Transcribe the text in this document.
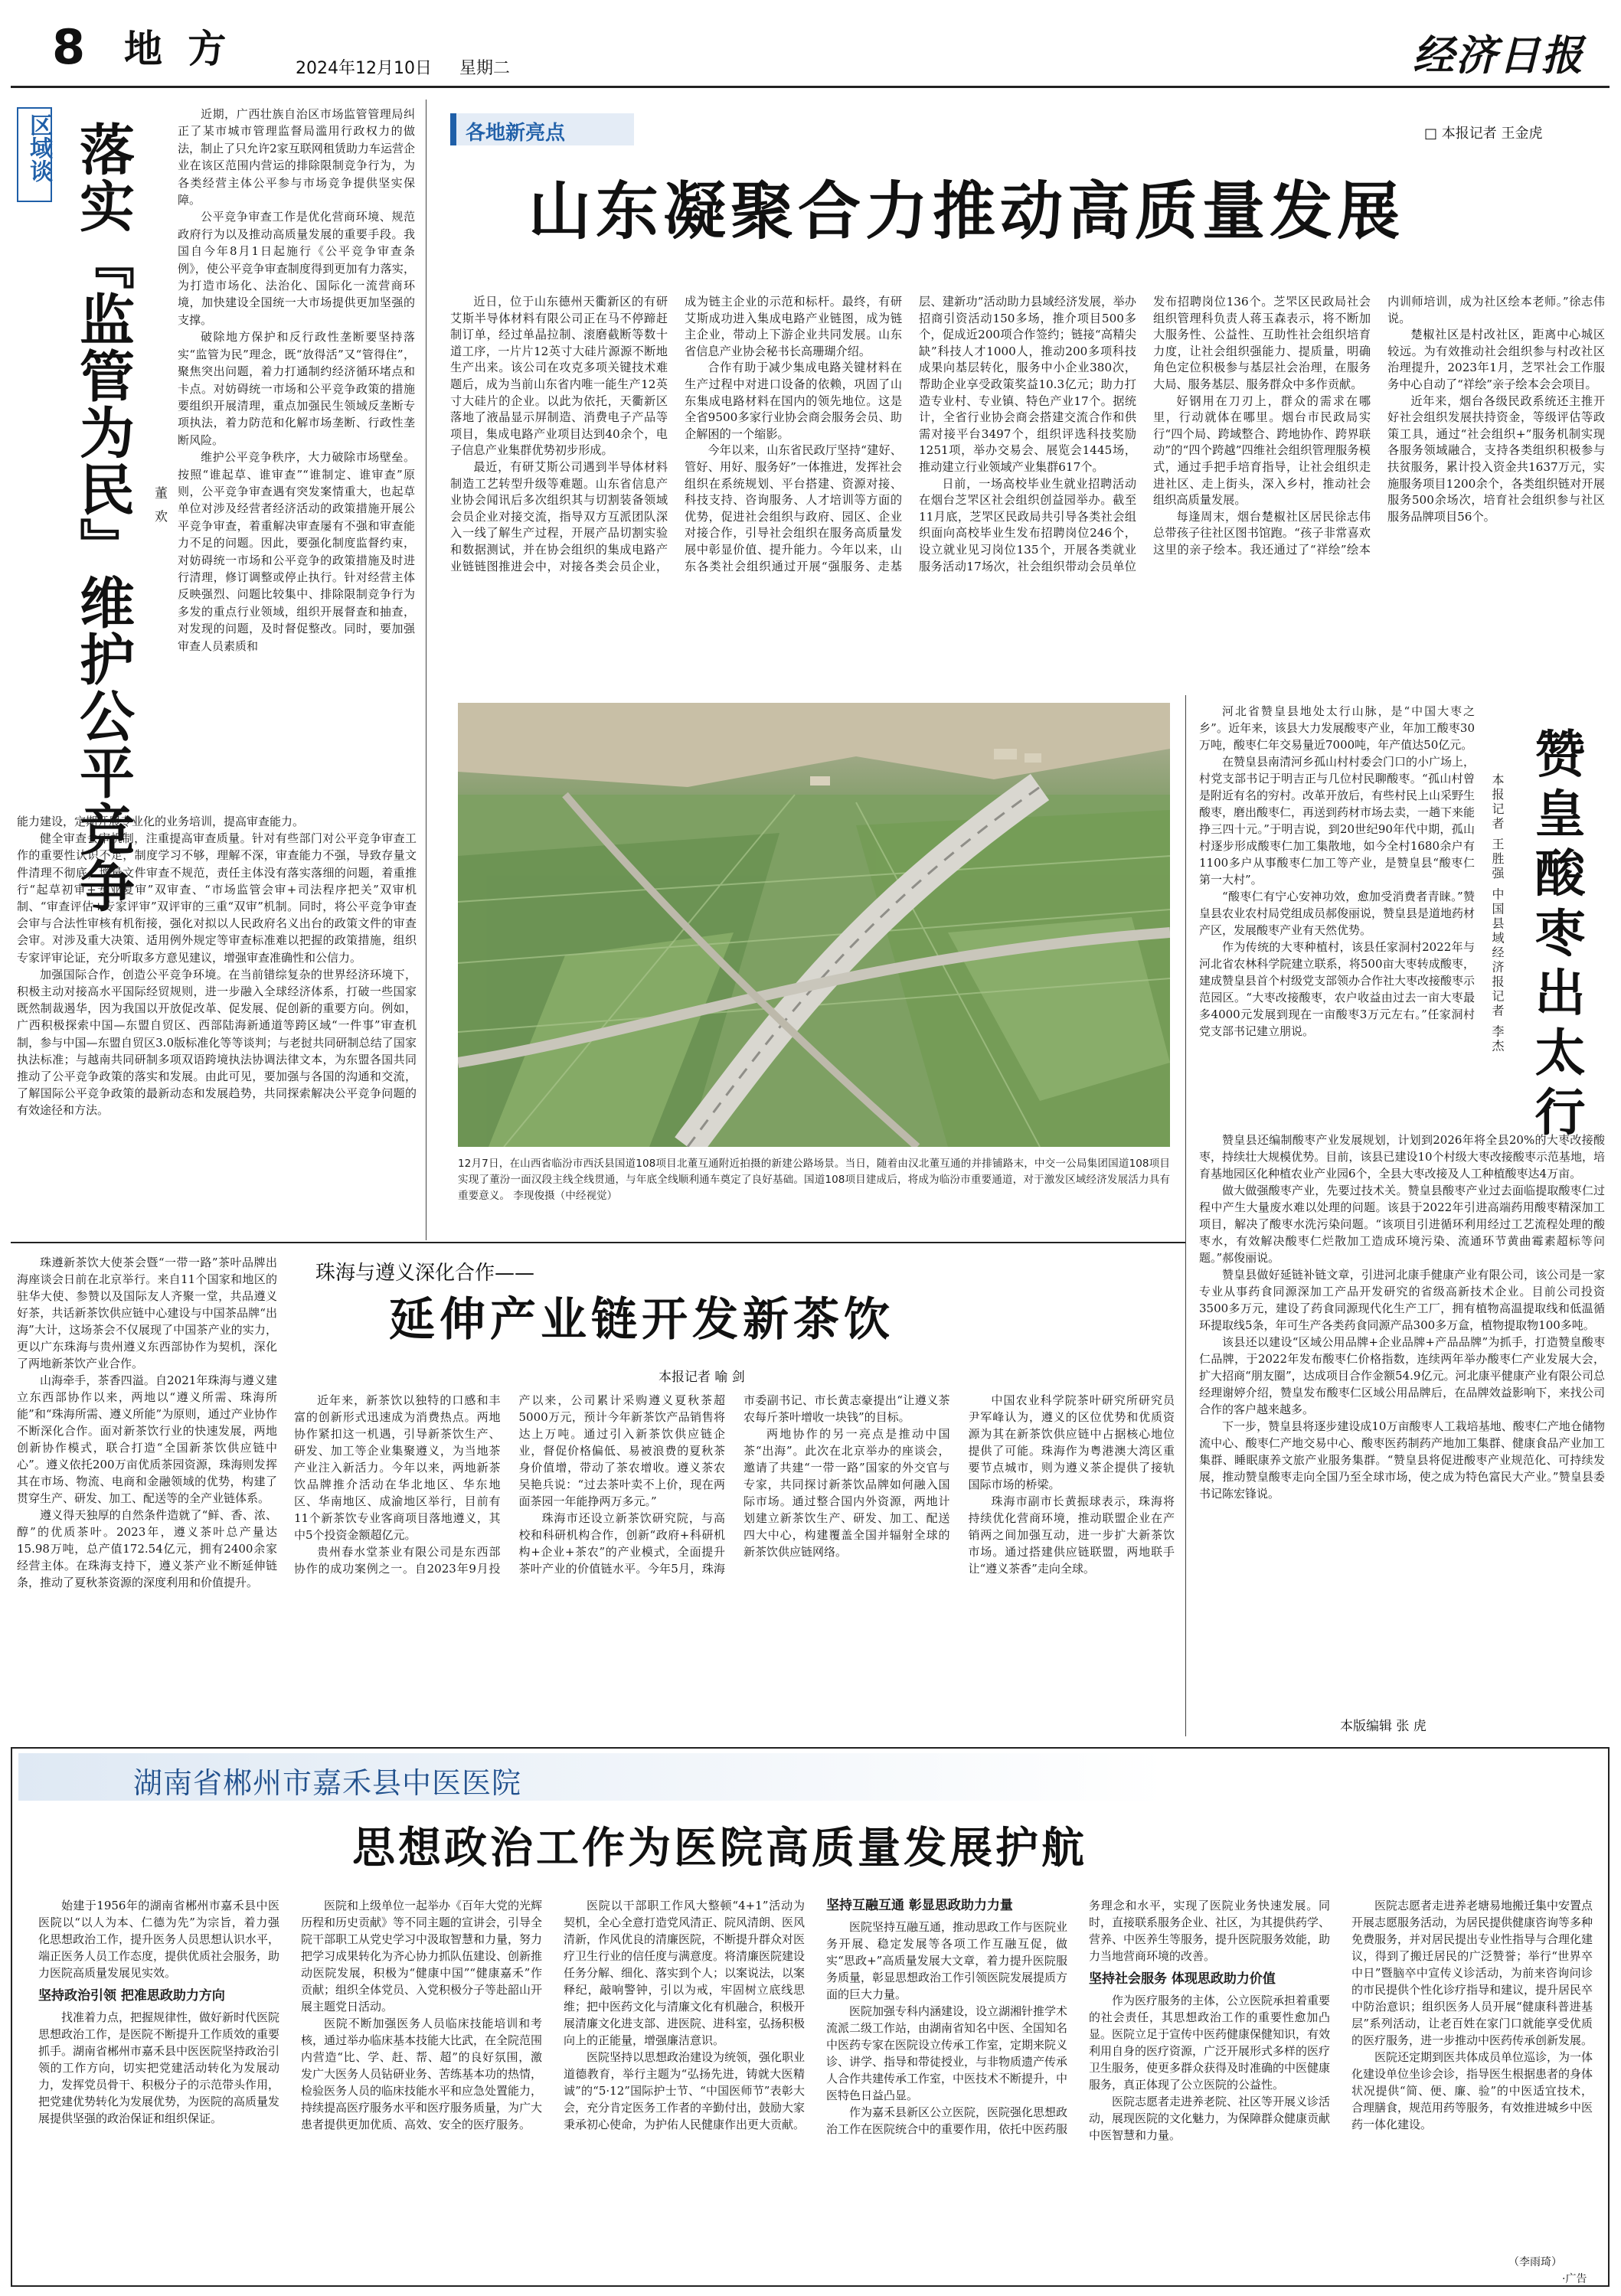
8 地 方	2024年12月10日 星期二	经济日报
区域谈 落实『监管为民』维护公平竞争 董 欢

近期，广西壮族自治区市场监管管理局纠正了某市城市管理监督局滥用行政权力的做法，制止了只允许2家互联网租赁助力车运营企业在该区范围内营运的排除限制竞争行为，为各类经营主体公平参与市场竞争提供坚实保障。

公平竞争审查工作是优化营商环境、规范政府行为以及推动高质量发展的重要手段。我国自今年8月1日起施行《公平竞争审查条例》，使公平竞争审查制度得到更加有力落实，为打造市场化、法治化、国际化一流营商环境，加快建设全国统一大市场提供更加坚强的支撑。

破除地方保护和反行政性垄断要坚持落实“监管为民”理念，既“放得活”又“管得住”，聚焦突出问题，着力打通制约经济循环堵点和卡点。对妨碍统一市场和公平竞争政策的措施要组织开展清理，重点加强民生领域反垄断专项执法，着力防范和化解市场垄断、行政性垄断风险。

维护公平竞争秩序，大力破除市场壁垒。按照“谁起草、谁审查”“谁制定、谁审查”原则，公平竞争审查遇有突发案情重大，也起草单位对涉及经营者经济活动的政策措施开展公平竞争审查，着重解决审查屡有不强和审查能力不足的问题。因此，要强化制度监督约束，对妨碍统一市场和公平竞争的政策措施及时进行清理，修订调整或停止执行。针对经营主体反映强烈、问题比较集中、排除限制竞争行为多发的重点行业领域，组织开展督查和抽查，对发现的问题，及时督促整改。同时，要加强审查人员素质和

能力建设，定期开展专业化的业务培训，提高审查能力。

健全审查会审机制，注重提高审查质量。针对有些部门对公平竞争审查工作的重要性认识不足，制度学习不够，理解不深，审查能力不强，导致存量文件清理不彻底，增量文件审查不规范，责任主体没有落实落细的问题，着重推行“起草初审+专业复审”双审查、“市场监管会审+司法程序把关”双审机制、“审查评估+专家评审”双评审的三重“双审”机制。同时，将公平竞争审查会审与合法性审核有机衔接，强化对拟以人民政府名义出台的政策文件的审查会审。对涉及重大决策、适用例外规定等审查标准难以把握的政策措施，组织专家评审论证，充分听取多方意见建议，增强审查准确性和公信力。

加强国际合作，创造公平竞争环境。在当前错综复杂的世界经济环境下，积极主动对接高水平国际经贸规则，进一步融入全球经济体系，打破一些国家既然制裁遏华，因为我国以开放促改革、促发展、促创新的重要方向。例如，广西积极探索中国—东盟自贸区、西部陆海新通道等跨区域“一件事”审查机制，参与中国—东盟自贸区3.0版标准化等等谈判；与老挝共同研制总结了国家执法标准；与越南共同研制多项双语跨境执法协调法律文本，为东盟各国共同推动了公平竞争政策的落实和发展。由此可见，要加强与各国的沟通和交流，了解国际公平竞争政策的最新动态和发展趋势，共同探索解决公平竞争问题的有效途径和方法。

各地新亮点	□ 本报记者 王金虎
山东凝聚合力推动高质量发展

近日，位于山东德州天衢新区的有研艾斯半导体材料有限公司正在马不停蹄赶制订单，经过单晶拉制、滚磨截断等数十道工序，一片片12英寸大硅片源源不断地生产出来。该公司在攻克多项关键技术难题后，成为当前山东省内唯一能生产12英寸大硅片的企业。以此为依托，天衢新区落地了液晶显示屏制造、消费电子产品等项目，集成电路产业项目达到40余个，电子信息产业集群优势初步形成。

最近，有研艾斯公司遇到半导体材料制造工艺转型升级等难题。山东省信息产业协会闻讯后多次组织其与切割装备领域会员企业对接交流，指导双方互派团队深入一线了解生产过程，开展产品切割实验和数据测试，并在协会组织的集成电路产业链链图推进会中，对接各类会员企业，成为链主企业的示范和标杆。最终，有研艾斯成功进入集成电路产业链图，成为链主企业，带动上下游企业共同发展。山东省信息产业协会秘书长高珊瑚介绍。

合作有助于减少集成电路关键材料在生产过程中对进口设备的依赖，巩固了山东集成电路材料在国内的领先地位。这是全省9500多家行业协会商会服务会员、助企解困的一个缩影。

今年以来，山东省民政厅坚持“建好、管好、用好、服务好”一体推进，发挥社会组织在系统规划、平台搭建、资源对接、科技支持、咨询服务、人才培训等方面的优势，促进社会组织与政府、园区、企业对接合作，引导社会组织在服务高质量发展中彰显价值、提升能力。今年以来，山东各类社会组织通过开展“强服务、走基层、建新功”活动助力县域经济发展，举办招商引资活动150多场，推介项目500多个，促成近200项合作签约；链接“高精尖缺”科技人才1000人，推动200多项科技成果向基层转化，服务中小企业380次，帮助企业享受政策奖益10.3亿元；助力打造专业村、专业镇、特色产业17个。据统计，全省行业协会商会搭建交流合作和供需对接平台3497个，组织评选科技奖励1251项，举办交易会、展览会1445场，推动建立行业领域产业集群617个。

日前，一场高校毕业生就业招聘活动在烟台芝罘区社会组织创益园举办。截至11月底，芝罘区民政局共引导各类社会组织面向高校毕业生发布招聘岗位246个，设立就业见习岗位135个，开展各类就业服务活动17场次，社会组织带动会员单位发布招聘岗位136个。芝罘区民政局社会组织管理科负责人蒋玉森表示，将不断加大服务性、公益性、互助性社会组织培育力度，让社会组织强能力、提质量，明确角色定位积极参与基层社会治理，在服务大局、服务基层、服务群众中多作贡献。

好钢用在刀刃上，群众的需求在哪里，行动就体在哪里。烟台市民政局实行“四个局、跨域整合、跨地协作、跨界联动”的“四个跨越”四维社会组织管理服务模式，通过手把手培育指导，让社会组织走进社区、走上街头，深入乡村，推动社会组织高质量发展。

每逢周末，烟台楚椒社区居民徐志伟总带孩子往社区图书馆跑。“孩子非常喜欢这里的亲子绘本。我还通过了“祥绘”绘本内训师培训，成为社区绘本老师。”徐志伟说。

楚椒社区是村改社区，距离中心城区较远。为有效推动社会组织参与村改社区治理提升，2023年1月，芝罘社会工作服务中心自动了“祥绘”亲子绘本会会项目。

近年来，烟台各级民政系统还主推开好社会组织发展扶持资金，等级评估等政策工具，通过“社会组织+”服务机制实现各服务领域融合，支持各类组织积极参与扶贫服务，累计投入资金共1637万元，实施服务项目1200余个，各类组织链对开展服务500余场次，培育社会组织参与社区服务品牌项目56个。

12月7日，在山西省临汾市西沃县国道108项目北董互通附近拍摄的新建公路场景。当日，随着由汉北董互通的并排铺路末，中交一公局集团国道108项目实现了董汾一面汉段主线全线贯通，与年底全线顺利通车奠定了良好基础。国道108项目建成后，将成为临汾市重要通道，对于激发区域经济发展活力具有重要意义。 李现俊摄（中经视觉）

河北省赞皇县地处太行山脉，是“中国大枣之乡”。近年来，该县大力发展酸枣产业，年加工酸枣30万吨，酸枣仁年交易量近7000吨，年产值达50亿元。

在赞皇县南清河乡孤山村村委会门口的小广场上，村党支部书记于明吉正与几位村民聊酸枣。“孤山村曾是附近有名的穷村。改革开放后，有些村民上山采野生酸枣，磨出酸枣仁，再送到药材市场去卖，一趟下来能挣三四十元。”于明吉说，到20世纪90年代中期，孤山村逐步形成酸枣仁加工集散地，如今全村1680余户有1100多户从事酸枣仁加工等产业，是赞皇县“酸枣仁第一大村”。

“酸枣仁有宁心安神功效，愈加受消费者青睐。”赞皇县农业农村局党组成员郝俊丽说，赞皇县是道地药材产区，发展酸枣产业有天然优势。

作为传统的大枣种植村，该县任家洞村2022年与河北省农林科学院建立联系，将500亩大枣转成酸枣，建成赞皇县首个村级党支部领办合作社大枣改接酸枣示范园区。“大枣改接酸枣，农户收益由过去一亩大枣最多4000元发展到现在一亩酸枣3万元左右。”任家洞村党支部书记建立朋说。	本报记者 王胜强 中国县域经济报记者 李杰 赞皇酸枣出太行

赞皇县还编制酸枣产业发展规划，计划到2026年将全县20%的大枣改接酸枣，持续壮大规模优势。目前，该县已建设10个村级大枣改接酸枣示范基地，培育基地园区化种植农业产业园6个，全县大枣改接及人工种植酸枣达4万亩。

做大做强酸枣产业，先要过技术关。赞皇县酸枣产业过去面临提取酸枣仁过程中产生大量废水难以处理的问题。该县于2022年引进高端药用酸枣精深加工项目，解决了酸枣水洗污染问题。“该项目引进循环利用经过工艺流程处理的酸枣水，有效解决酸枣仁烂散加工造成环境污染、流通环节黄曲霉素超标等问题。”郝俊丽说。

赞皇县做好延链补链文章，引进河北康手健康产业有限公司，该公司是一家专业从事药食同源深加工产品开发研究的省级高新技术企业。目前公司投资3500多万元，建设了药食同源现代化生产工厂，拥有植物高温提取线和低温循环提取线5条，年可生产各类药食同源产品300多万盒，植物提取物100多吨。

该县还以建设“区域公用品牌+企业品牌+产品品牌”为抓手，打造赞皇酸枣仁品牌，于2022年发布酸枣仁价格指数，连续两年举办酸枣仁产业发展大会，扩大招商“朋友圈”，达成项目合作金额54.9亿元。河北康平健康产业有限公司总经理谢婷介绍，赞皇发布酸枣仁区域公用品牌后，在品牌效益影响下，来找公司合作的客户越来越多。

下一步，赞皇县将逐步建设成10万亩酸枣人工栽培基地、酸枣仁产地仓储物流中心、酸枣仁产地交易中心、酸枣医药制药产地加工集群、健康食品产业加工集群、睡眠康养文旅产业服务集群。“赞皇县将促进酸枣产业规范化、可持续发展，推动赞皇酸枣走向全国乃至全球市场，使之成为特色富民大产业。”赞皇县委书记陈宏锋说。

本版编辑 张 虎
珠海与遵义深化合作——
延伸产业链开发新茶饮
本报记者 喻 剑

珠遵新茶饮大使茶会暨“一带一路”茶叶品牌出海座谈会日前在北京举行。来自11个国家和地区的驻华大使、参赞以及国际友人齐聚一堂，共品遵义好茶，共话新茶饮供应链中心建设与中国茶品牌“出海”大计，这场茶会不仅展现了中国茶产业的实力，更以广东珠海与贵州遵义东西部协作为契机，深化了两地新茶饮产业合作。

山海牵手，茶香四溢。自2021年珠海与遵义建立东西部协作以来，两地以“遵义所需、珠海所能”和“珠海所需、遵义所能”为原则，通过产业协作不断深化合作。面对新茶饮行业的快速发展，两地创新协作模式，联合打造“全国新茶饮供应链中心”。遵义依托200万亩优质茶园资源，珠海则发挥其在市场、物流、电商和金融领域的优势，构建了贯穿生产、研发、加工、配送等的全产业链体系。

遵义得天独厚的自然条件造就了“鲜、香、浓、醇”的优质茶叶。2023年，遵义茶叶总产量达15.98万吨，总产值172.54亿元，拥有2400余家经营主体。在珠海支持下，遵义茶产业不断延伸链条，推动了夏秋茶资源的深度利用和价值提升。

近年来，新茶饮以独特的口感和丰富的创新形式迅速成为消费热点。两地协作紧扣这一机遇，引导新茶饮生产、研发、加工等企业集聚遵义，为当地茶产业注入新活力。今年以来，两地新茶饮品牌推介活动在华北地区、华东地区、华南地区、成渝地区举行，目前有11个新茶饮专业客商项目落地遵义，其中5个投资金额超亿元。

贵州春水堂茶业有限公司是东西部协作的成功案例之一。自2023年9月投产以来，公司累计采购遵义夏秋茶超5000万元，预计今年新茶饮产品销售将达上万吨。通过引入新茶饮供应链企业，督促价格偏低、易被浪费的夏秋茶身价值增，带动了茶农增收。遵义茶农吴艳兵说：“过去茶叶卖不上价，现在两面茶园一年能挣两万多元。”

珠海市还设立新茶饮研究院，与高校和科研机构合作，创新“政府+科研机构+企业+茶农”的产业模式，全面提升茶叶产业的价值链水平。今年5月，珠海市委副书记、市长黄志豪提出“让遵义茶农每斤茶叶增收一块钱”的目标。

两地协作的另一亮点是推动中国茶“出海”。此次在北京举办的座谈会，邀请了共建“一带一路”国家的外交官与专家，共同探讨新茶饮品牌如何融入国际市场。通过整合国内外资源，两地计划建立新茶饮生产、研发、加工、配送四大中心，构建覆盖全国并辐射全球的新茶饮供应链网络。

中国农业科学院茶叶研究所研究员尹军峰认为，遵义的区位优势和优质资源为其在新茶饮供应链中占据核心地位提供了可能。珠海作为粤港澳大湾区重要节点城市，则为遵义茶企提供了接轨国际市场的桥梁。

珠海市副市长黄振球表示，珠海将持续优化营商环境，推动联盟企业在产销两之间加强互动，进一步扩大新茶饮市场。通过搭建供应链联盟，两地联手让“遵义茶香”走向全球。

湖南省郴州市嘉禾县中医医院
思想政治工作为医院高质量发展护航

始建于1956年的湖南省郴州市嘉禾县中医医院以“以人为本、仁德为先”为宗旨，着力强化思想政治工作，提升医务人员思想认识水平，端正医务人员工作态度，提供优质社会服务，助力医院高质量发展见实效。

坚持政治引领 把准思政助力方向

找准着力点，把握规律性，做好新时代医院思想政治工作，是医院不断提升工作质效的重要抓手。湖南省郴州市嘉禾县中医医院坚持政治引领的工作方向，切实把党建活动转化为发展动力，发挥党员骨干、积极分子的示范带头作用，把党建优势转化为发展优势，为医院的高质量发展提供坚强的政治保证和组织保证。

医院和上级单位一起举办《百年大党的光辉历程和历史贡献》等不同主题的宣讲会，引导全院干部职工从党史学习中汲取智慧和力量，努力把学习成果转化为齐心协力抓队伍建设、创新推动医院发展，积极为“健康中国”“健康嘉禾”作贡献；组织全体党员、入党积极分子等赴韶山开展主题党日活动。

医院不断加强医务人员临床技能培训和考核，通过举办临床基本技能大比武，在全院范围内营造“比、学、赶、帮、超”的良好氛围，激发广大医务人员钻研业务、苦练基本功的热情，检验医务人员的临床技能水平和应急处置能力，持续提高医疗服务水平和医疗服务质量，为广大患者提供更加优质、高效、安全的医疗服务。

医院以干部职工作风大整顿“4+1”活动为契机，全心全意打造党风清正、院风清朗、医风清新，作风优良的清廉医院，不断提升群众对医疗卫生行业的信任度与满意度。将清廉医院建设任务分解、细化、落实到个人；以案说法，以案释纪，敲响警钟，引以为戒，牢固树立底线思维；把中医药文化与清廉文化有机融合，积极开展清廉文化进支部、进医院、进科室，弘扬积极向上的正能量，增强廉洁意识。

医院坚持以思想政治建设为统领，强化职业道德教育，举行主题为“弘扬先进，铸就大医精诚”的“5·12”国际护士节、“中国医师节”表彰大会，充分肯定医务工作者的辛勤付出，鼓励大家秉承初心使命，为护佑人民健康作出更大贡献。

坚持互融互通 彰显思政助力力量

医院坚持互融互通，推动思政工作与医院业务开展、稳定发展等各项工作互融互促，做实“思政+”高质量发展大文章，着力提升医院服务质量，彰显思想政治工作引领医院发展提质方面的巨大力量。

医院加强专科内涵建设，设立湖湘针推学术流派二级工作站，由湖南省知名中医、全国知名中医药专家在医院设立传承工作室，定期来院义诊、讲学、指导和带徒授业，与非物质遗产传承人合作共建传承工作室，中医技术不断提升，中医特色日益凸显。

作为嘉禾县新区公立医院，医院强化思想政治工作在医院统合中的重要作用，依托中医药服务理念和水平，实现了医院业务快速发展。同时，直接联系服务企业、社区，为其提供药学、营养、中医养生等服务，提升医院服务效能，助力当地营商环境的改善。

坚持社会服务 体现思政助力价值

作为医疗服务的主体，公立医院承担着重要的社会责任，其思想政治工作的重要性愈加凸显。医院立足于宣传中医药健康保健知识，有效利用自身的医疗资源，广泛开展形式多样的医疗卫生服务，使更多群众获得及时准确的中医健康服务，真正体现了公立医院的公益性。

医院志愿者走进养老院、社区等开展义诊活动，展现医院的文化魅力，为保障群众健康贡献中医智慧和力量。

医院志愿者走进养老塘易地搬迁集中安置点开展志愿服务活动，为居民提供健康咨询等多种免费服务，并对居民提出专业性指导与合理化建议，得到了搬迁居民的广泛赞誉；举行“世界卒中日”暨脑卒中宣传义诊活动，为前来咨询问诊的市民提供个性化诊疗指导和建议，提升居民卒中防治意识；组织医务人员开展“健康科普进基层”系列活动，让老百姓在家门口就能享受优质的医疗服务，进一步推动中医药传承创新发展。

医院还定期到医共体成员单位巡诊，为一体化建设单位坐诊会诊，指导医生根据患者的身体状况提供“简、便、廉、验”的中医适宜技术，合理膳食，规范用药等服务，有效推进城乡中医药一体化建设。

（李雨琦）
·广告
